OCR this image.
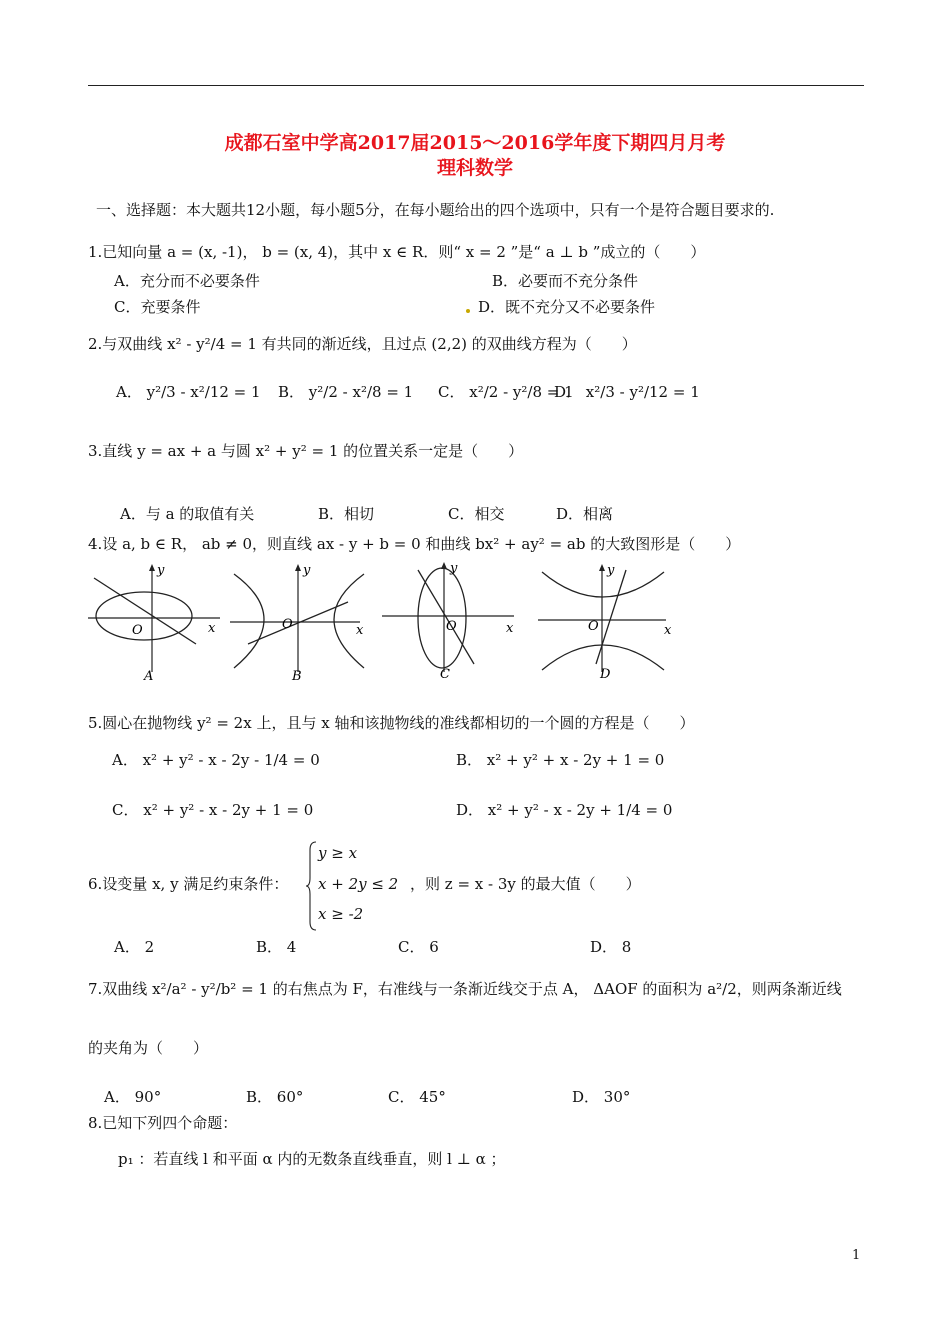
成都石室中学高2017届2015～2016学年度下期四月月考
理科数学
一、选择题：本大题共12小题，每小题5分，在每小题给出的四个选项中，只有一个是符合题目要求的.
1.已知向量 a = (x, -1)， b = (x, 4)，其中 x ∈ R．则“ x = 2 ”是“ a ⊥ b ”成立的（　　）
A．充分而不必要条件	B．必要而不充分条件
C．充要条件	D．既不充分又不必要条件
2.与双曲线 x² - y²/4 = 1 有共同的渐近线，且过点 (2,2) 的双曲线方程为（　　）
A． y²/3 - x²/12 = 1 B． y²/2 - x²/8 = 1 C． x²/2 - y²/8 = 1
D． x²/3 - y²/12 = 1
3.直线 y = ax + a 与圆 x² + y² = 1 的位置关系一定是（　　）
A．与 a 的取值有关	B．相切	C．相交	D．相离
4.设 a, b ∈ R， ab ≠ 0，则直线 ax - y + b = 0 和曲线 bx² + ay² = ab 的大致图形是（　　）
y
x
O
A
y
x
O
B
y
x
O
C
y
x
O
D
5.圆心在抛物线 y² = 2x 上，且与 x 轴和该抛物线的准线都相切的一个圆的方程是（　　）
A． x² + y² - x - 2y - 1/4 = 0	B． x² + y² + x - 2y + 1 = 0
C． x² + y² - x - 2y + 1 = 0	D． x² + y² - x - 2y + 1/4 = 0
6.设变量 x, y 满足约束条件：
y ≥ x
x + 2y ≤ 2
x ≥ -2
，则 z = x - 3y 的最大值（　　）
A． 2	B． 4	C． 6	D． 8
7.双曲线 x²/a² - y²/b² = 1 的右焦点为 F，右准线与一条渐近线交于点 A， ΔAOF 的面积为 a²/2，则两条渐近线
的夹角为（　　）
A． 90°	B． 60°	C． 45°	D． 30°
8.已知下列四个命题：
p₁ ：若直线 l 和平面 α 内的无数条直线垂直，则 l ⊥ α ；
1
